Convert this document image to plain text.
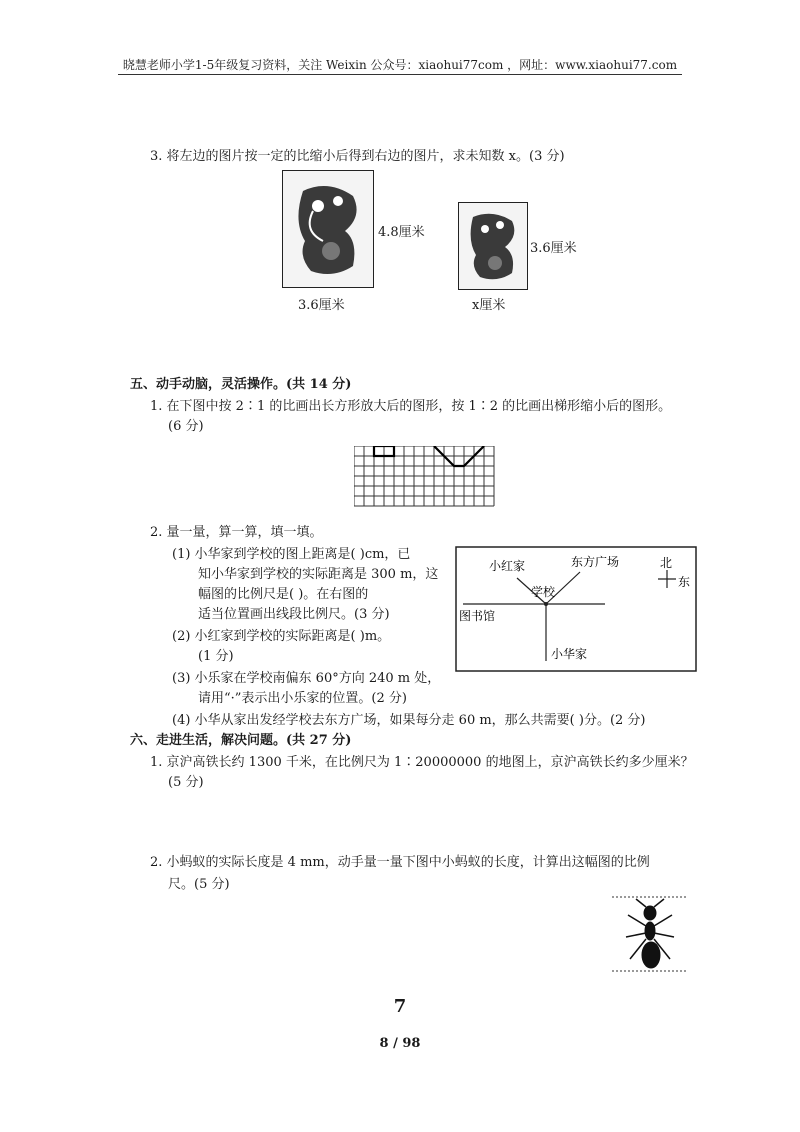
晓慧老师小学1-5年级复习资料，关注 Weixin 公众号：xiaohui77com ，网址：www.xiaohui77.com
3. 将左边的图片按一定的比缩小后得到右边的图片，求未知数 x。(3 分)
4.8厘米
3.6厘米
3.6厘米
x厘米
五、动手动脑，灵活操作。(共 14 分)
1. 在下图中按 2∶1 的比画出长方形放大后的图形，按 1∶2 的比画出梯形缩小后的图形。
(6 分)
2. 量一量，算一算，填一填。
(1) 小华家到学校的图上距离是( )cm，已
知小华家到学校的实际距离是 300 m，这
幅图的比例尺是( )。在右图的
适当位置画出线段比例尺。(3 分)
(2) 小红家到学校的实际距离是( )m。
(1 分)
(3) 小乐家在学校南偏东 60°方向 240 m 处，
请用“·”表示出小乐家的位置。(2 分)
(4) 小华从家出发经学校去东方广场，如果每分走 60 m，那么共需要( )分。(2 分)
小红家	东方广场
学校
图书馆
小华家
北
东
六、走进生活，解决问题。(共 27 分)
1. 京沪高铁长约 1300 千米，在比例尺为 1∶20000000 的地图上，京沪高铁长约多少厘米？
(5 分)
2. 小蚂蚁的实际长度是 4 mm，动手量一量下图中小蚂蚁的长度，计算出这幅图的比例
尺。(5 分)
7
8 / 98
